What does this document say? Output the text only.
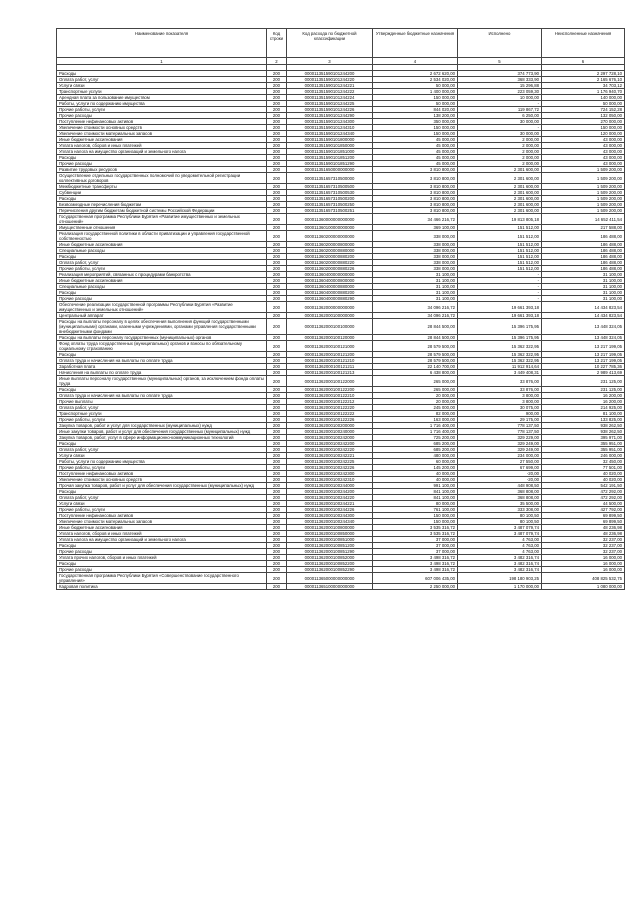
Наименование показателя	Код строки	Код расхода по бюджетной классификации	Утвержденные бюджетные назначения	Исполнено	Неисполненные назначения
1	2	3	4	5	6

Расходы	200	000011351590101244200	2 672 620,00	374 773,90	2 297 728,10
Оплата работ, услуг	200	000011351590101244220	2 534 020,00	368 333,90	2 165 676,10
Услуги связи	200	000011351590101244221	50 000,00	15 296,88	34 703,12
Транспортные услуги	200	000011351590101244222	1 400 000,00	223 059,30	1 176 940,70
Арендная плата за пользование имуществом	200	000011351590101244224	150 000,00	10 000,00	140 000,00
Работы, услуги по содержанию имущества	200	000011351590101244225	50 000,00	-	50 000,00
Прочие работы, услуги	200	000011351590101244226	844 020,00	119 867,72	724 152,28
Прочие расходы	200	000011351590101244290	138 200,00	6 250,00	132 050,00
Поступление нефинансовых активов	200	000011351590101244300	350 000,00	30 000,00	270 000,00
Увеличение стоимости основных средств	200	000011351590101244310	150 000,00	-	150 000,00
Увеличение стоимости материальных запасов	200	000011351590101244340	150 000,00	30 000,00	120 000,00
Иные бюджетные ассигнования	200	000011351590101800000	45 000,00	2 000,00	43 000,00
Уплата налогов, сборов и иных платежей	200	000011351590101850000	45 000,00	2 000,00	43 000,00
Уплата налога на имущество организаций и земельного налога	200	000011351590101851000	45 000,00	2 000,00	43 000,00
Расходы	200	000011351590101851200	45 000,00	2 000,00	43 000,00
Прочие расходы	200	000011351590101851290	45 000,00	2 000,00	43 000,00
Развитие трудовых ресурсов	200	000011351650000000000	3 810 800,00	2 301 600,00	1 509 200,00
Осуществление отдельных государственных полномочий по уведомительной регистрации коллективных договоров	200	000011351657310500000	3 810 800,00	2 301 600,00	1 509 200,00
Межбюджетные трансферты	200	000011351657310500500	3 810 800,00	2 301 600,00	1 509 200,00
Субвенции	200	000011351657310500530	3 810 800,00	2 301 600,00	1 509 200,00
Расходы	200	000011351657310500200	3 810 800,00	2 301 600,00	1 509 200,00
Безвозмездные перечисления бюджетам	200	000011351657310500250	3 810 800,00	2 301 600,00	1 509 200,00
Перечисления другим бюджетам бюджетной системы Российской Федерации	200	000011351657310500251	3 810 800,00	2 301 600,00	1 509 200,00
Государственная программа Республики Бурятия «Развитие имущественных и земельных отношений»	200	000011360000000000000	34 466 216,72	19 813 805,18	14 652 411,54
Имущественные отношения	200	000011360100000000000	369 100,00	151 512,00	217 588,00
Реализация государственной политики в области приватизации и управления государственной собственностью	200	000011360200000000000	338 000,00	151 512,00	186 488,00
Иные бюджетные ассигнования	200	000011360200000800000	338 000,00	151 512,00	186 488,00
Специальные расходы	200	000011360200000880000	338 000,00	151 512,00	186 488,00
Расходы	200	000011360200000880200	338 000,00	151 512,00	186 488,00
Оплата работ, услуг	200	000011360200000880220	338 000,00	151 512,00	186 488,00
Прочие работы, услуги	200	000011360200000880226	338 000,00	151 512,00	186 488,00
Реализация мероприятий, связанных с процедурами банкротства	200	000011360400000000000	31 100,00	-	31 100,00
Иные бюджетные ассигнования	200	000011360400000800000	31 100,00	-	31 100,00
Специальные расходы	200	000011360400000880000	31 100,00	-	31 100,00
Расходы	200	000011360400000880200	31 100,00	-	31 100,00
Прочие расходы	200	000011360400000880290	31 100,00	-	31 100,00
Обеспечение реализации государственной программы Республики Бурятия «Развитие имущественных и земельных отношений»	200	000011362000000000000	34 096 216,72	19 661 393,18	14 434 823,54
Центральный аппарат	200	000011362000100000000	34 096 216,72	19 661 393,18	14 434 823,54
Расходы на выплаты персоналу в целях обеспечения выполнения функций государственными (муниципальными) органами, казенными учреждениями, органами управления государственными внебюджетными фондами	200	000011362000100100000	28 844 500,00	15 396 175,95	13 448 324,05
Расходы на выплаты персоналу государственных (муниципальных) органов	200	000011362000100120000	28 844 500,00	15 396 175,95	13 448 324,05
Фонд оплаты труда государственных (муниципальных) органов и взносы по обязательному социальному страхованию	200	000011362000100121000	28 579 500,00	15 362 322,95	13 217 199,05
Расходы	200	000011362000100121200	28 579 500,00	15 362 322,95	13 217 199,05
Оплата труда и начисления на выплаты по оплате труда	200	000011362000100121210	28 579 500,00	15 362 322,95	13 217 199,05
Заработная плата	200	000011362000100121211	22 140 700,00	11 912 914,64	10 227 785,36
Начисления на выплаты по оплате труда	200	000011362000100121213	6 438 800,00	3 449 408,31	2 989 413,69
Иные выплаты персоналу государственных (муниципальных) органов, за исключением фонда оплаты труда	200	000011362000100122000	265 000,00	33 876,00	231 125,00
Расходы	200	000011362000100122200	265 000,00	33 876,00	231 125,00
Оплата труда и начисления на выплаты по оплате труда	200	000011362000100122210	20 000,00	3 800,00	16 200,00
Прочие выплаты	200	000011362000100122212	20 000,00	3 800,00	16 200,00
Оплата работ, услуг	200	000011362000100122220	245 000,00	30 075,00	214 925,00
Транспортные услуги	200	000011362000100122222	82 000,00	900,00	81 100,00
Прочие работы, услуги	200	000011362000100122226	163 000,00	29 175,00	133 825,00
Закупка товаров, работ и услуг для государственных (муниципальных) нужд	200	000011362000100200000	1 716 400,00	778 137,50	938 262,50
Иные закупки товаров, работ и услуг для обеспечения государственных (муниципальных) нужд	200	000011362000100240000	1 716 400,00	778 137,50	938 262,50
Закупка товаров, работ, услуг в сфере информационно-коммуникационных технологий	200	000011362000100242000	725 200,00	329 229,00	395 971,00
Расходы	200	000011362000100242200	685 200,00	329 249,00	355 951,00
Оплата работ, услуг	200	000011362000100242220	685 200,00	329 249,00	355 951,00
Услуги связи	200	000011362000100242221	480 000,00	234 000,00	246 000,00
Работы, услуги по содержанию имущества	200	000011362000100242225	60 000,00	27 550,00	32 450,00
Прочие работы, услуги	200	000011362000100242226	145 200,00	67 699,00	77 501,00
Поступление нефинансовых активов	200	000011362000100242300	40 000,00	-20,00	40 020,00
Увеличение стоимости основных средств	200	000011362000100242310	40 000,00	-20,00	40 020,00
Прочая закупка товаров, работ и услуг для обеспечения государственных (муниципальных) нужд	200	000011362000100244000	991 100,00	448 908,50	542 191,50
Расходы	200	000011362000100244200	841 100,00	368 808,00	472 292,00
Оплата работ, услуг	200	000011362000100244220	841 100,00	368 808,00	472 292,00
Услуги связи	200	000011362000100244221	80 000,00	35 500,00	44 500,00
Прочие работы, услуги	200	000011362000100244226	761 100,00	333 308,00	427 792,00
Поступление нефинансовых активов	200	000011362000100244300	150 000,00	80 100,50	69 899,50
Увеличение стоимости материальных запасов	200	000011362000100244340	150 000,00	80 100,50	69 899,50
Иные бюджетные ассигнования	200	000011362000100800000	3 535 316,72	3 487 079,74	48 236,98
Уплата налогов, сборов и иных платежей	200	000011362000100850000	3 535 316,72	3 487 079,74	48 236,98
Уплата налога на имущество организаций и земельного налога	200	000011362000100851000	37 000,00	4 763,00	32 237,00
Расходы	200	000011362000100851200	37 000,00	4 763,00	32 237,00
Прочие расходы	200	000011362000100851290	37 000,00	4 763,00	32 237,00
Уплата прочих налогов, сборов и иных платежей	200	000011362000100852000	3 498 316,72	3 482 316,74	16 000,00
Расходы	200	000011362000100852200	3 498 316,72	3 482 316,74	16 000,00
Прочие расходы	200	000011362000100852290	3 498 316,72	3 482 316,74	16 000,00
Государственная программа Республики Бурятия «Совершенствование государственного управления»	200	000011365000000000000	607 006 435,00	198 180 903,25	408 825 532,75
Кадровая политика	200	000011365100000000000	2 250 000,00	1 170 000,00	1 080 000,00
